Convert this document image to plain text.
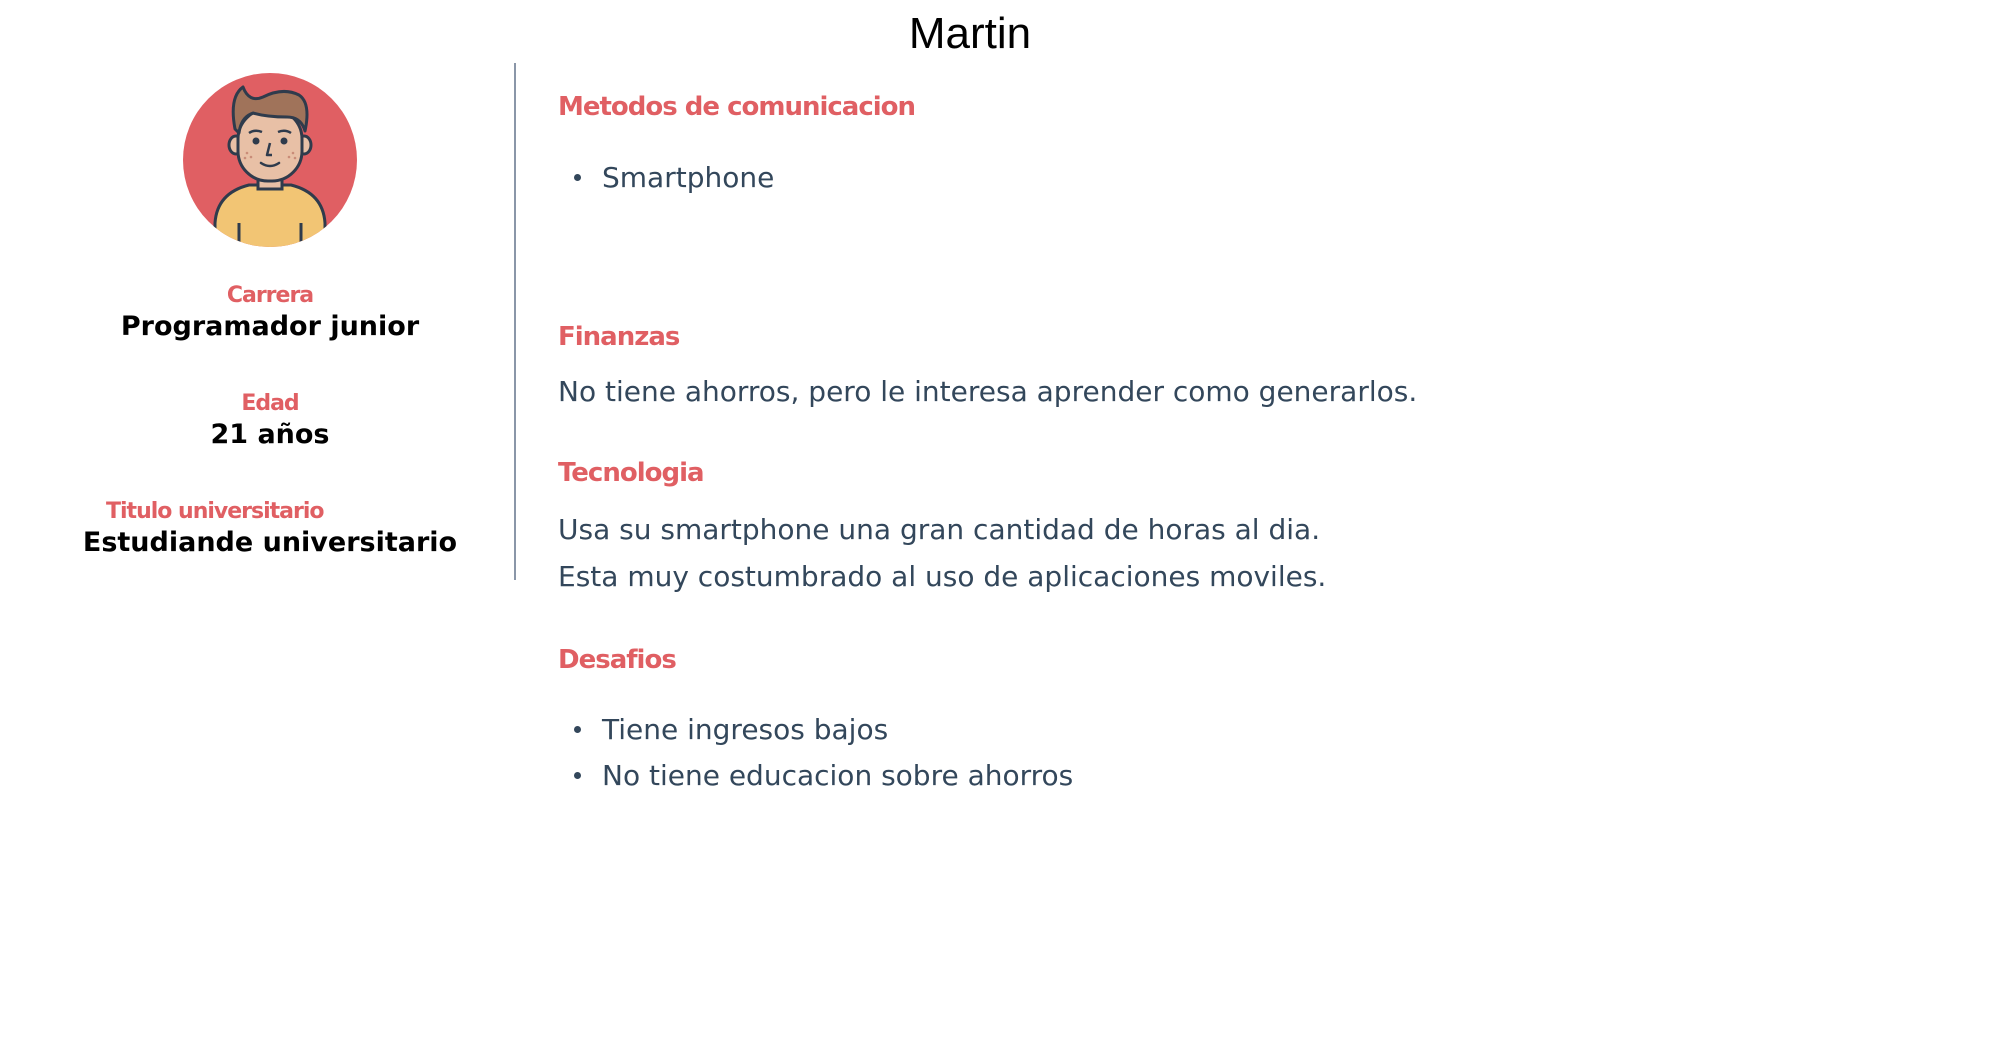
Martin
Carrera
Programador junior
Edad
21 años
Titulo universitario
Estudiande universitario
Metodos de comunicacion
Smartphone
Finanzas
No tiene ahorros, pero le interesa aprender como generarlos.
Tecnologia
Usa su smartphone una gran cantidad de horas al dia.
Esta muy costumbrado al uso de aplicaciones moviles.
Desafios
Tiene ingresos bajos
No tiene educacion sobre ahorros
